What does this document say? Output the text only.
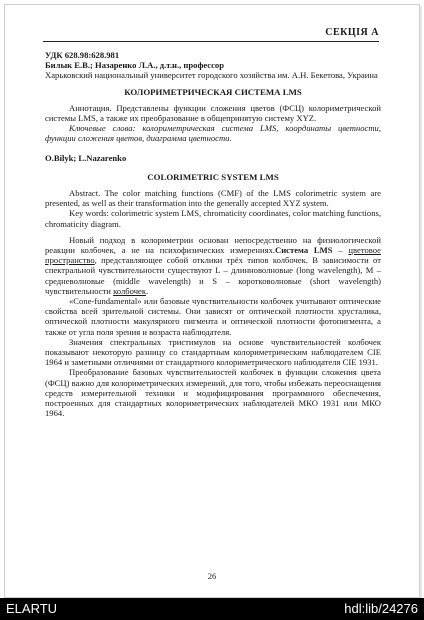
СЕКЦІЯ А

УДК 628.98:628.981

Билык Е.В.; Назаренко Л.А., д.т.н., профессор

Харьковский национальный университет городского хозяйства им. А.Н. Бекетова, Украина

КОЛОРИМЕТРИЧЕСКАЯ СИСТЕМА LMS

Аннотация. Представлены функции сложения цветов (ФСЦ) колориметрической системы LMS, а также их преобразование в общепринятую систему XYZ.

Ключевые слова: колориметрическая система LMS, координаты цветности, функции сложения цветов, диаграмма цветности.

O.Bilyk; L.Nazarenko

COLORIMETRIC SYSTEM LMS

Abstract. The color matching functions (CMF) of the LMS colorimetric system are presented, as well as their transformation into the generally accepted XYZ system.

Key words: colorimetric system LMS, chromaticity coordinates, color matching functions, chromaticity diagram.

Новый подход в колориметрии основан непосредственно на физиологической реакции колбочек, а не на психофизических измерениях.Система LMS – цветовое пространство, представляющее собой отклики трёх типов колбочек. В зависимости от спектральной чувствительности существуют L – длинноволновые (long wavelength), M – средневолновые (middle wavelength) и S – коротковолновые (short wavelength) чувствительности колбочек.

«Cone-fundamental» или базовые чувствительности колбочек учитывают оптические свойства всей зрительной системы. Они зависят от оптической плотности хрусталика, оптической плотности макулярного пигмента и оптической плотности фотопигмента, а также от угла поля зрения и возраста наблюдателя.

Значения спектральных тристимулов на основе чувствительностей колбочек показывают некоторую разницу со стандартным колориметрическим наблюдателем CIE 1964 и заметными отличиями от стандартного колориметрического наблюдателя CIE 1931.

Преобразование базовых чувствительностей колбочек в функции сложения цвета (ФСЦ) важно для колориметрических измерений, для того, чтобы избежать переоснащения средств измерительной техники и модифицирования программного обеспечения, построенных для стандартных колориметрических наблюдателей МКО 1931 или МКО 1964.

26
ELARTU	hdl:lib/24276
